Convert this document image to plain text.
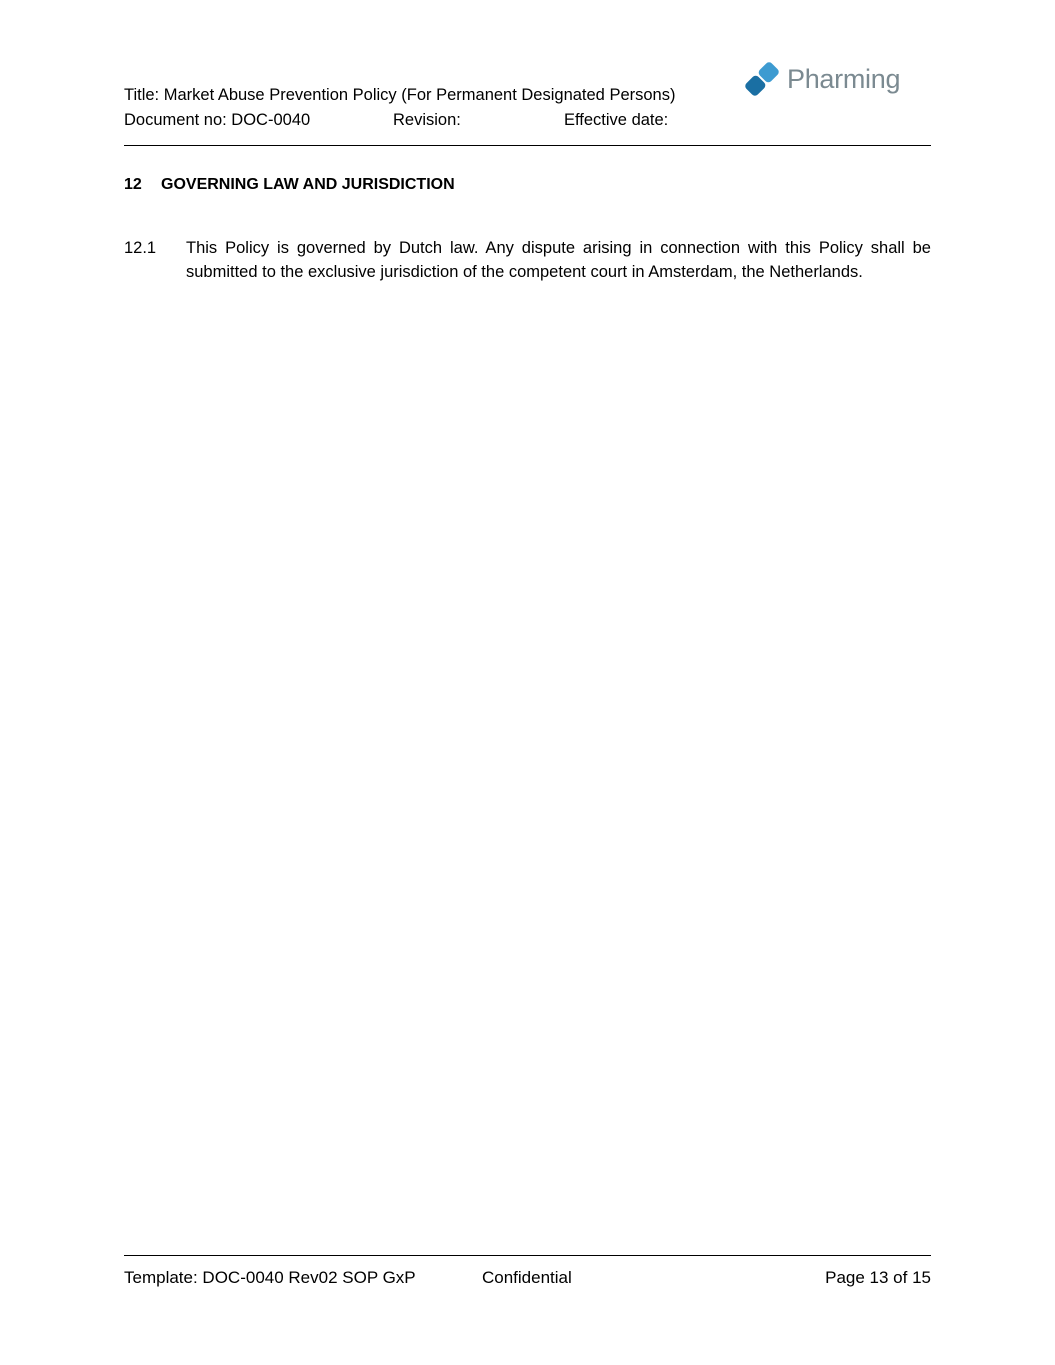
Title: Market Abuse Prevention Policy (For Permanent Designated Persons)
Document no: DOC-0040	Revision:	Effective date:
Pharming
12 GOVERNING LAW AND JURISDICTION
12.1 This Policy is governed by Dutch law. Any dispute arising in connection with this Policy shall be submitted to the exclusive jurisdiction of the competent court in Amsterdam, the Netherlands.
Template: DOC-0040 Rev02 SOP GxP	Confidential	Page 13 of 15
